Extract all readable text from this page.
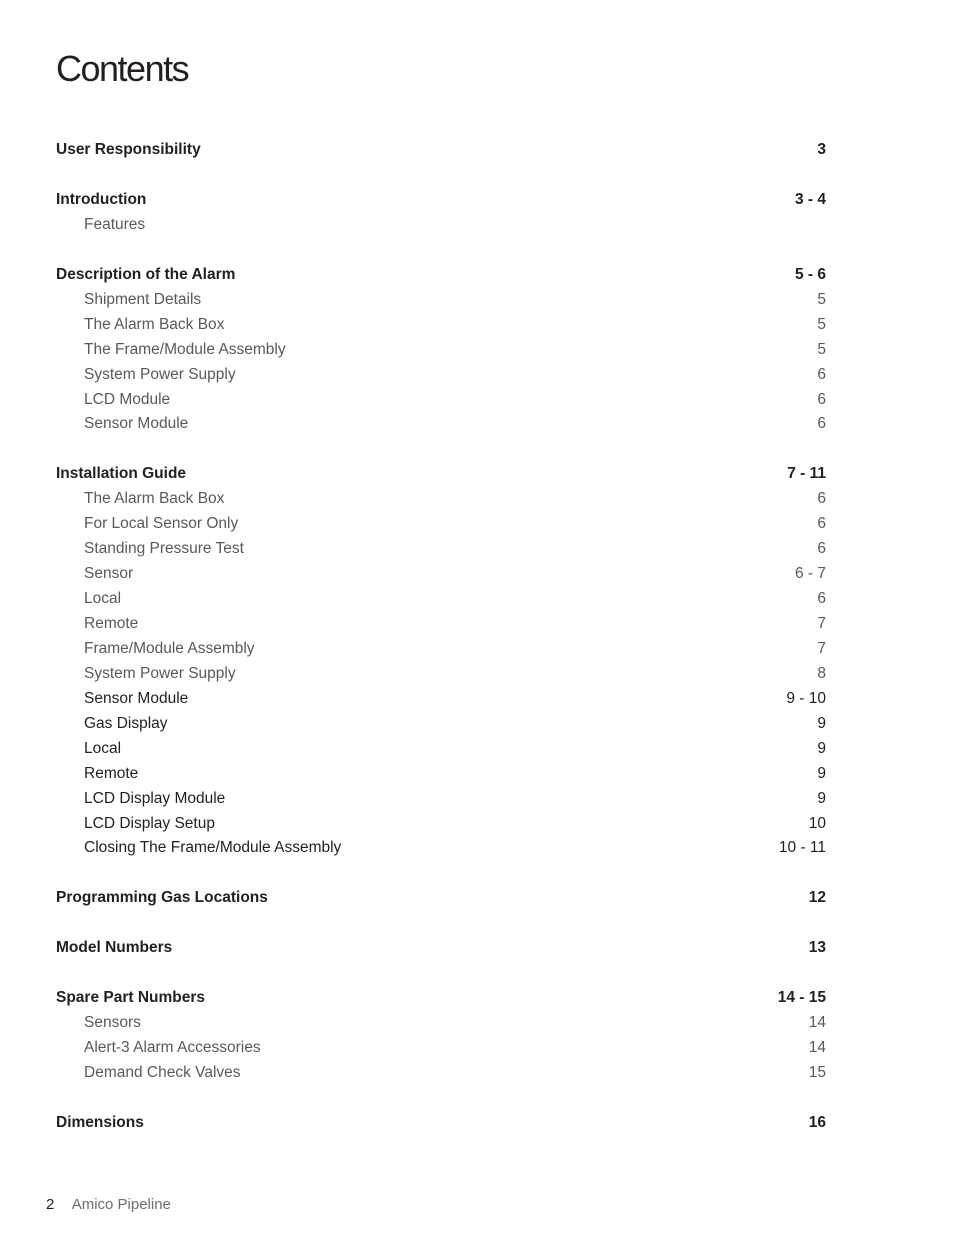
Contents
User Responsibility	3
Introduction	3 - 4
Features
Description of the Alarm	5 - 6
Shipment Details	5
The Alarm Back Box	5
The Frame/Module Assembly	5
System Power Supply	6
LCD Module	6
Sensor Module	6
Installation Guide	7 - 11
The Alarm Back Box	6
For Local Sensor Only	6
Standing Pressure Test	6
Sensor	6 - 7
Local	6
Remote	7
Frame/Module Assembly	7
System Power Supply	8
Sensor Module	9 - 10
Gas Display	9
Local	9
Remote	9
LCD Display Module	9
LCD Display Setup	10
Closing The Frame/Module Assembly	10 - 11
Programming Gas Locations	12
Model Numbers	13
Spare Part Numbers	14 - 15
Sensors	14
Alert-3 Alarm Accessories	14
Demand Check Valves	15
Dimensions	16
2 Amico Pipeline
